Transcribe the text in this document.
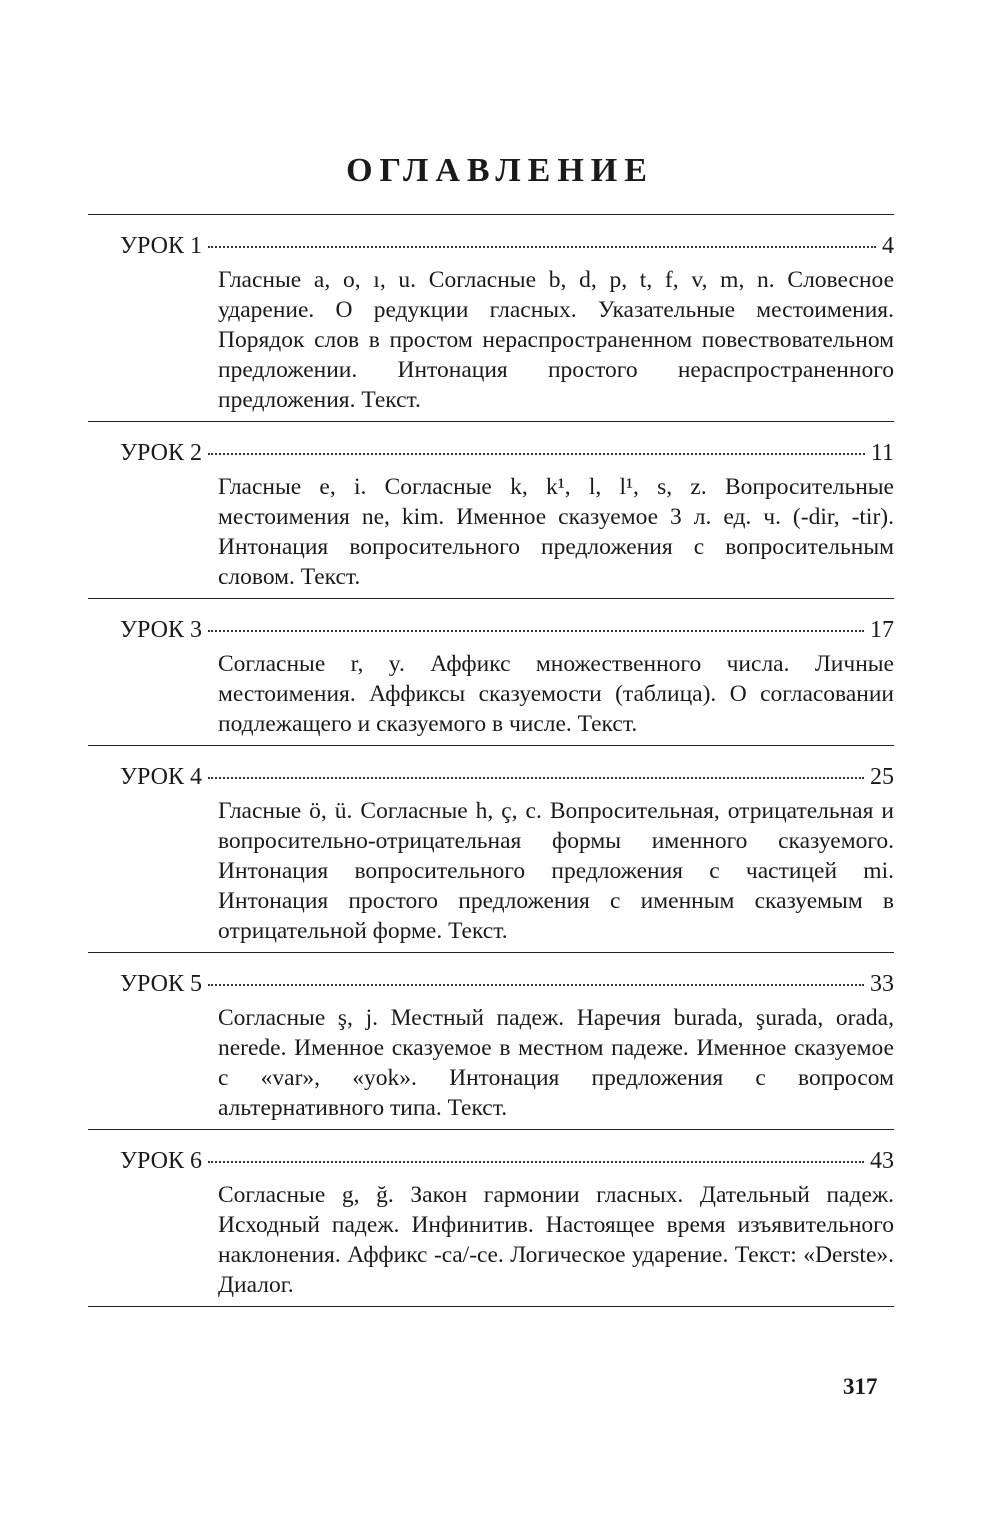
ОГЛАВЛЕНИЕ
УРОК 1	4
Гласные a, o, ı, u. Согласные b, d, p, t, f, v, m, n. Словесное ударение. О редукции гласных. Указательные местоимения. Порядок слов в простом нераспространенном повествовательном предложении. Интонация простого нераспространенного предложения. Текст.
УРОК 2	11
Гласные e, i. Согласные k, k¹, l, l¹, s, z. Вопросительные местоимения ne, kim. Именное сказуемое 3 л. ед. ч. (-dir, -tir). Интонация вопросительного предложения с вопросительным словом. Текст.
УРОК 3	17
Согласные r, y. Аффикс множественного числа. Личные местоимения. Аффиксы сказуемости (таблица). О согласовании подлежащего и сказуемого в числе. Текст.
УРОК 4	25
Гласные ö, ü. Согласные h, ç, c. Вопросительная, отрицательная и вопросительно-отрицательная формы именного сказуемого. Интонация вопросительного предложения с частицей mi. Интонация простого предложения с именным сказуемым в отрицательной форме. Текст.
УРОК 5	33
Согласные ş, j. Местный падеж. Наречия burada, şurada, orada, nerede. Именное сказуемое в местном падеже. Именное сказуемое с «var», «yok». Интонация предложения с вопросом альтернативного типа. Текст.
УРОК 6	43
Согласные g, ğ. Закон гармонии гласных. Дательный падеж. Исходный падеж. Инфинитив. Настоящее время изъявительного наклонения. Аффикс -ca/-ce. Логическое ударение. Текст: «Derste». Диалог.
317
